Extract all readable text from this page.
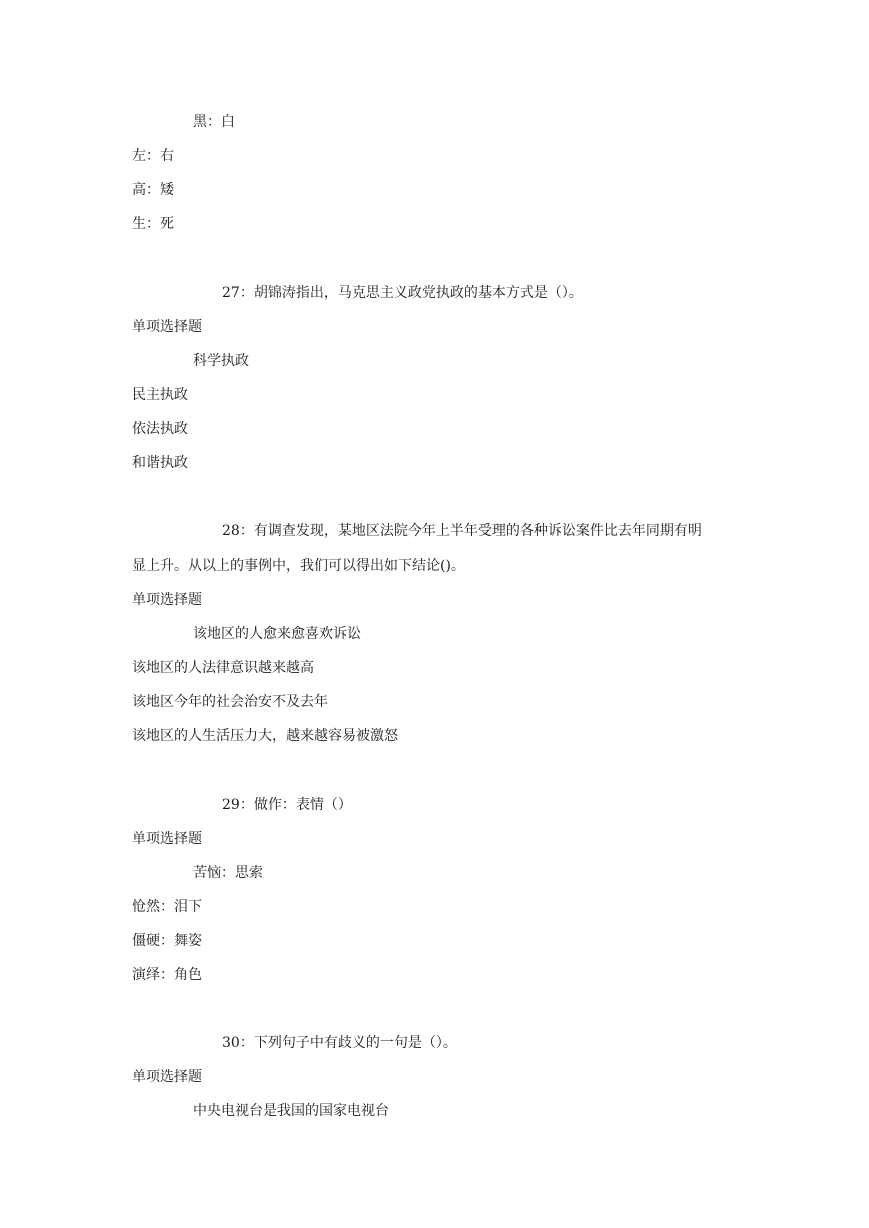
黑：白
左：右
高：矮
生：死
27：胡锦涛指出，马克思主义政党执政的基本方式是（）。
单项选择题
科学执政
民主执政
依法执政
和谐执政
28：有调查发现，某地区法院今年上半年受理的各种诉讼案件比去年同期有明
显上升。从以上的事例中，我们可以得出如下结论()。
单项选择题
该地区的人愈来愈喜欢诉讼
该地区的人法律意识越来越高
该地区今年的社会治安不及去年
该地区的人生活压力大，越来越容易被激怒
29：做作：表情（）
单项选择题
苦恼：思索
怆然：泪下
僵硬：舞姿
演绎：角色
30：下列句子中有歧义的一句是（）。
单项选择题
中央电视台是我国的国家电视台
